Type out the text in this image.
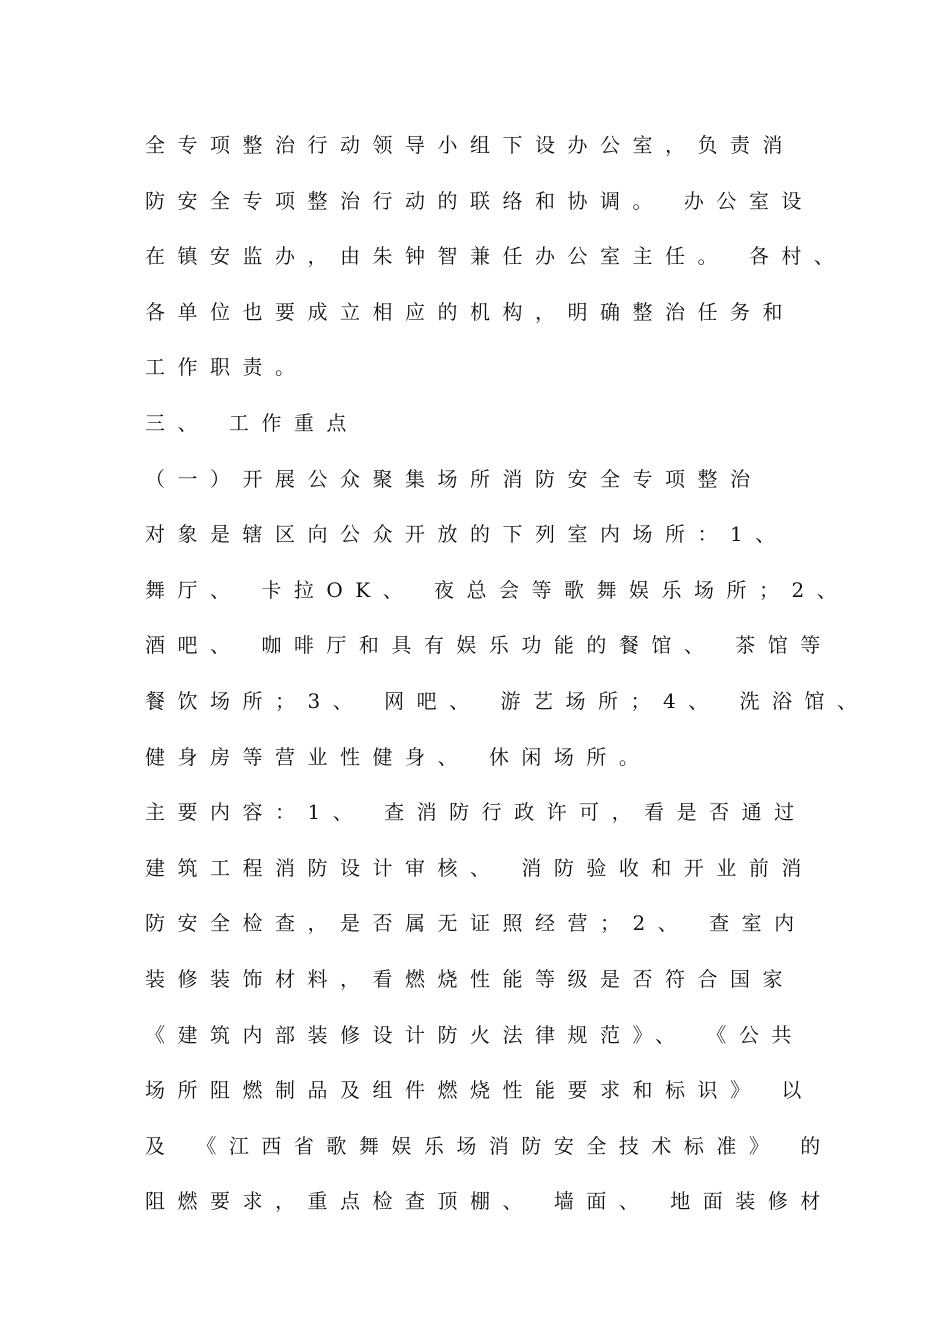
全专项整治行动领导小组下设办公室，负责消
防安全专项整治行动的联络和协调。 办公室设
在镇安监办，由朱钟智兼任办公室主任。 各村、
各单位也要成立相应的机构，明确整治任务和
工作职责。
三、 工作重点
（一）开展公众聚集场所消防安全专项整治
对象是辖区向公众开放的下列室内场所：1、
舞厅、 卡拉OK、 夜总会等歌舞娱乐场所；2、
酒吧、 咖啡厅和具有娱乐功能的餐馆、 茶馆等
餐饮场所；3、 网吧、 游艺场所；4、 洗浴馆、
健身房等营业性健身、 休闲场所。
主要内容：1、 查消防行政许可，看是否通过
建筑工程消防设计审核、 消防验收和开业前消
防安全检查，是否属无证照经营；2、 查室内
装修装饰材料，看燃烧性能等级是否符合国家
《建筑内部装修设计防火法律规范》、 《公共
场所阻燃制品及组件燃烧性能要求和标识》 以
及 《江西省歌舞娱乐场消防安全技术标准》 的
阻燃要求，重点检查顶棚、 墙面、 地面装修材
